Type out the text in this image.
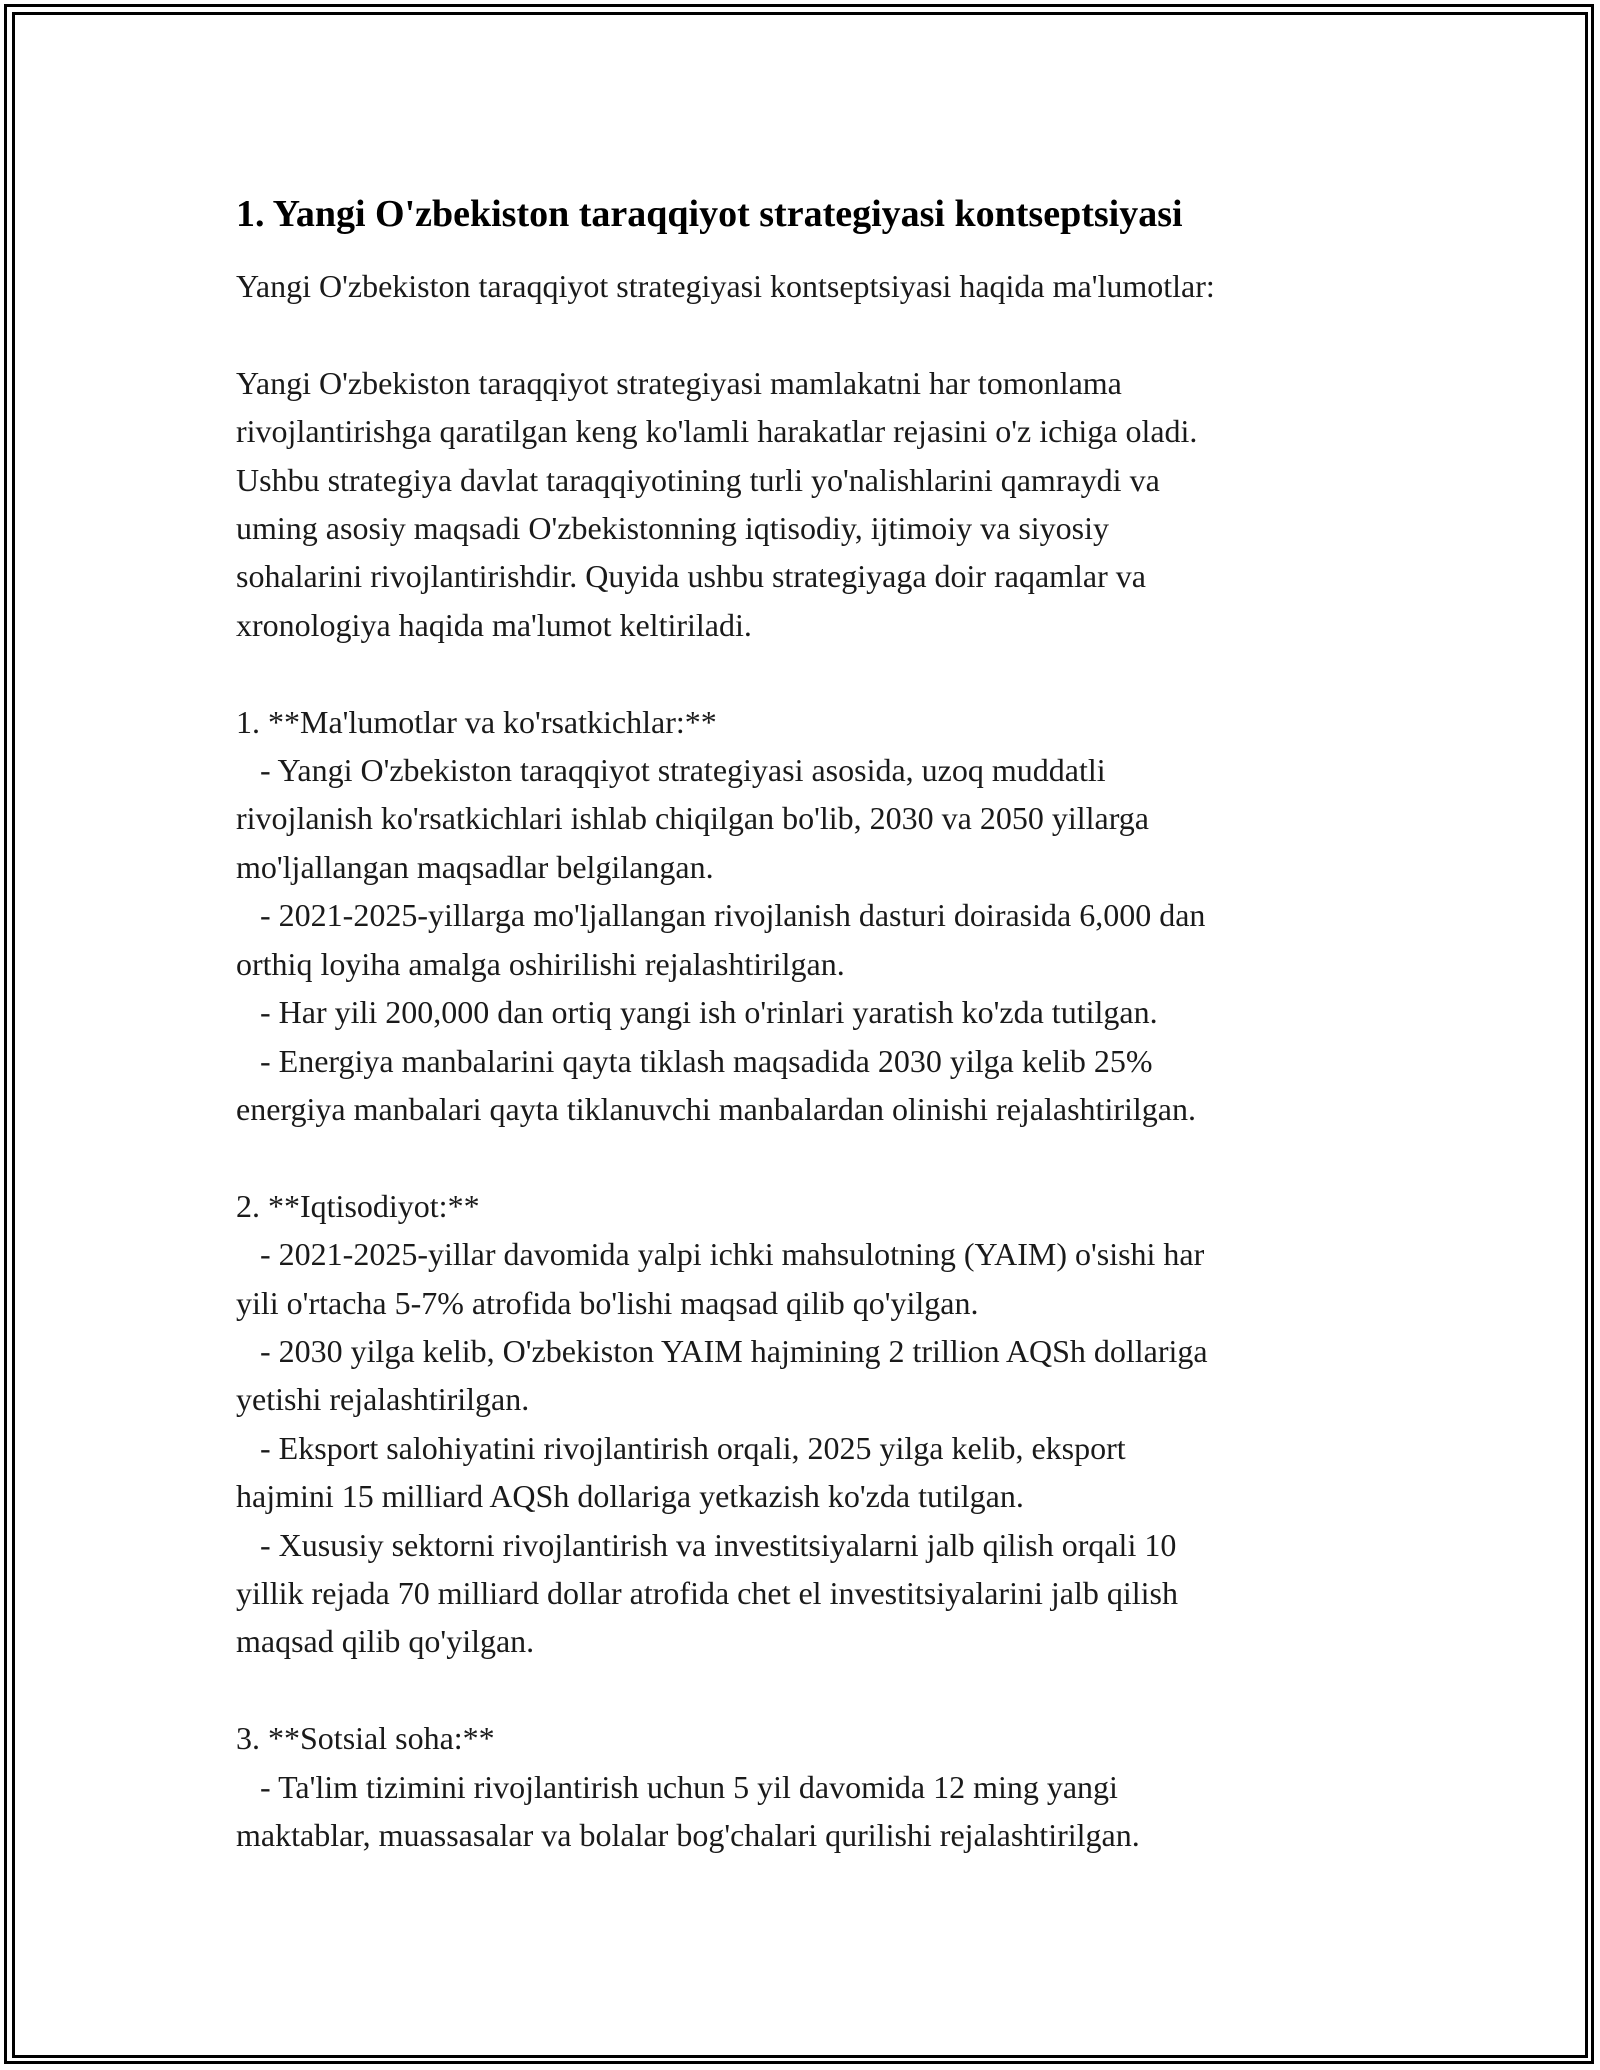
1. Yangi O'zbekiston taraqqiyot strategiyasi kontseptsiyasi

Yangi O'zbekiston taraqqiyot strategiyasi kontseptsiyasi haqida ma'lumotlar:

Yangi O'zbekiston taraqqiyot strategiyasi mamlakatni har tomonlama
rivojlantirishga qaratilgan keng ko'lamli harakatlar rejasini o'z ichiga oladi.
Ushbu strategiya davlat taraqqiyotining turli yo'nalishlarini qamraydi va
uming asosiy maqsadi O'zbekistonning iqtisodiy, ijtimoiy va siyosiy
sohalarini rivojlantirishdir. Quyida ushbu strategiyaga doir raqamlar va
xronologiya haqida ma'lumot keltiriladi.

1. **Ma'lumotlar va ko'rsatkichlar:**
- Yangi O'zbekiston taraqqiyot strategiyasi asosida, uzoq muddatli
rivojlanish ko'rsatkichlari ishlab chiqilgan bo'lib, 2030 va 2050 yillarga
mo'ljallangan maqsadlar belgilangan.
- 2021-2025-yillarga mo'ljallangan rivojlanish dasturi doirasida 6,000 dan
orthiq loyiha amalga oshirilishi rejalashtirilgan.
- Har yili 200,000 dan ortiq yangi ish o'rinlari yaratish ko'zda tutilgan.
- Energiya manbalarini qayta tiklash maqsadida 2030 yilga kelib 25%
energiya manbalari qayta tiklanuvchi manbalardan olinishi rejalashtirilgan.

2. **Iqtisodiyot:**
- 2021-2025-yillar davomida yalpi ichki mahsulotning (YAIM) o'sishi har
yili o'rtacha 5-7% atrofida bo'lishi maqsad qilib qo'yilgan.
- 2030 yilga kelib, O'zbekiston YAIM hajmining 2 trillion AQSh dollariga
yetishi rejalashtirilgan.
- Eksport salohiyatini rivojlantirish orqali, 2025 yilga kelib, eksport
hajmini 15 milliard AQSh dollariga yetkazish ko'zda tutilgan.
- Xususiy sektorni rivojlantirish va investitsiyalarni jalb qilish orqali 10
yillik rejada 70 milliard dollar atrofida chet el investitsiyalarini jalb qilish
maqsad qilib qo'yilgan.

3. **Sotsial soha:**
- Ta'lim tizimini rivojlantirish uchun 5 yil davomida 12 ming yangi
maktablar, muassasalar va bolalar bog'chalari qurilishi rejalashtirilgan.
